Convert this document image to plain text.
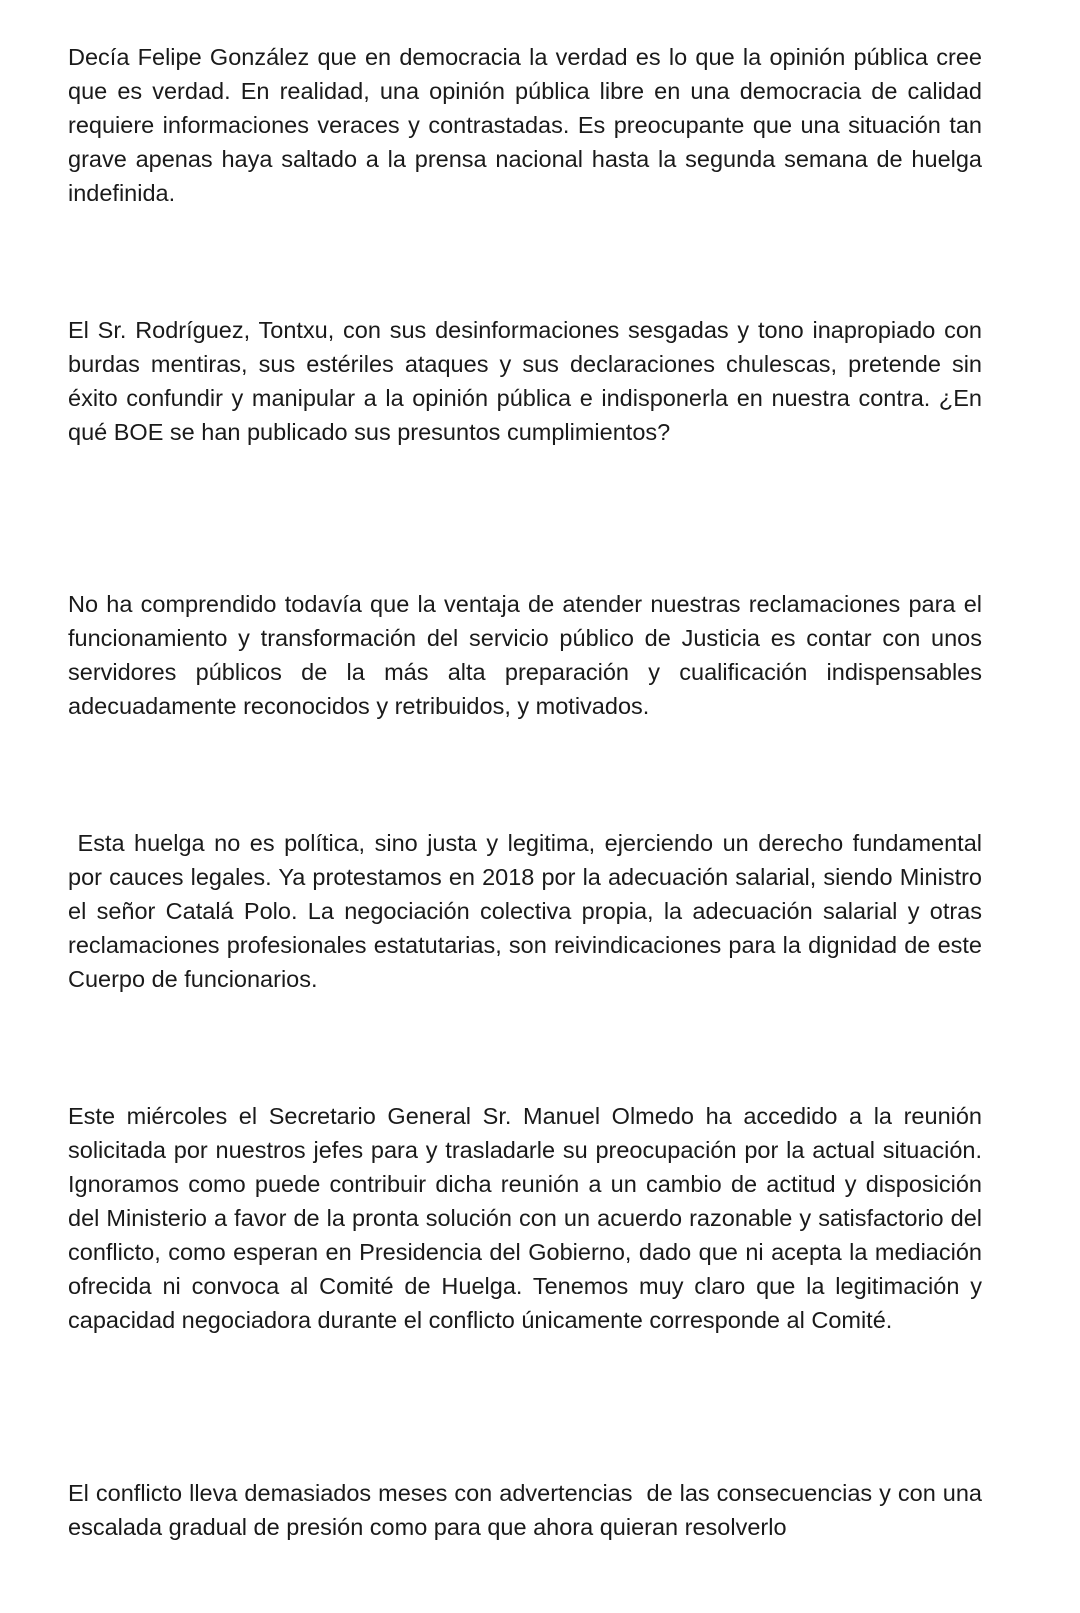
Decía Felipe González que en democracia la verdad es lo que la opinión pública cree que es verdad. En realidad, una opinión pública libre en una democracia de calidad requiere informaciones veraces y contrastadas. Es preocupante que una situación tan grave apenas haya saltado a la prensa nacional hasta la segunda semana de huelga indefinida.

El Sr. Rodríguez, Tontxu, con sus desinformaciones sesgadas y tono inapropiado con burdas mentiras, sus estériles ataques y sus declaraciones chulescas, pretende sin éxito confundir y manipular a la opinión pública e indisponerla en nuestra contra. ¿En qué BOE se han publicado sus presuntos cumplimientos?

No ha comprendido todavía que la ventaja de atender nuestras reclamaciones para el funcionamiento y transformación del servicio público de Justicia es contar con unos servidores públicos de la más alta preparación y cualificación indispensables  adecuadamente reconocidos y retribuidos, y motivados.

Esta huelga no es política, sino justa y legitima, ejerciendo un derecho fundamental por cauces legales. Ya protestamos en 2018 por la adecuación salarial, siendo Ministro el señor Catalá Polo. La negociación colectiva propia, la adecuación salarial y otras reclamaciones profesionales estatutarias, son reivindicaciones para la dignidad de este Cuerpo de funcionarios.

Este miércoles el Secretario General Sr. Manuel Olmedo ha accedido a la reunión solicitada por nuestros jefes para y trasladarle su preocupación por la actual situación. Ignoramos como puede contribuir dicha reunión a un cambio de actitud y disposición del Ministerio a favor de la pronta solución con un acuerdo razonable y satisfactorio del conflicto, como esperan en Presidencia del Gobierno, dado que ni acepta la mediación ofrecida ni convoca al Comité de Huelga. Tenemos muy claro que la legitimación y capacidad negociadora durante el conflicto únicamente corresponde al Comité.

El conflicto lleva demasiados meses con advertencias  de las consecuencias y con una escalada gradual de presión como para que ahora quieran resolverlo
